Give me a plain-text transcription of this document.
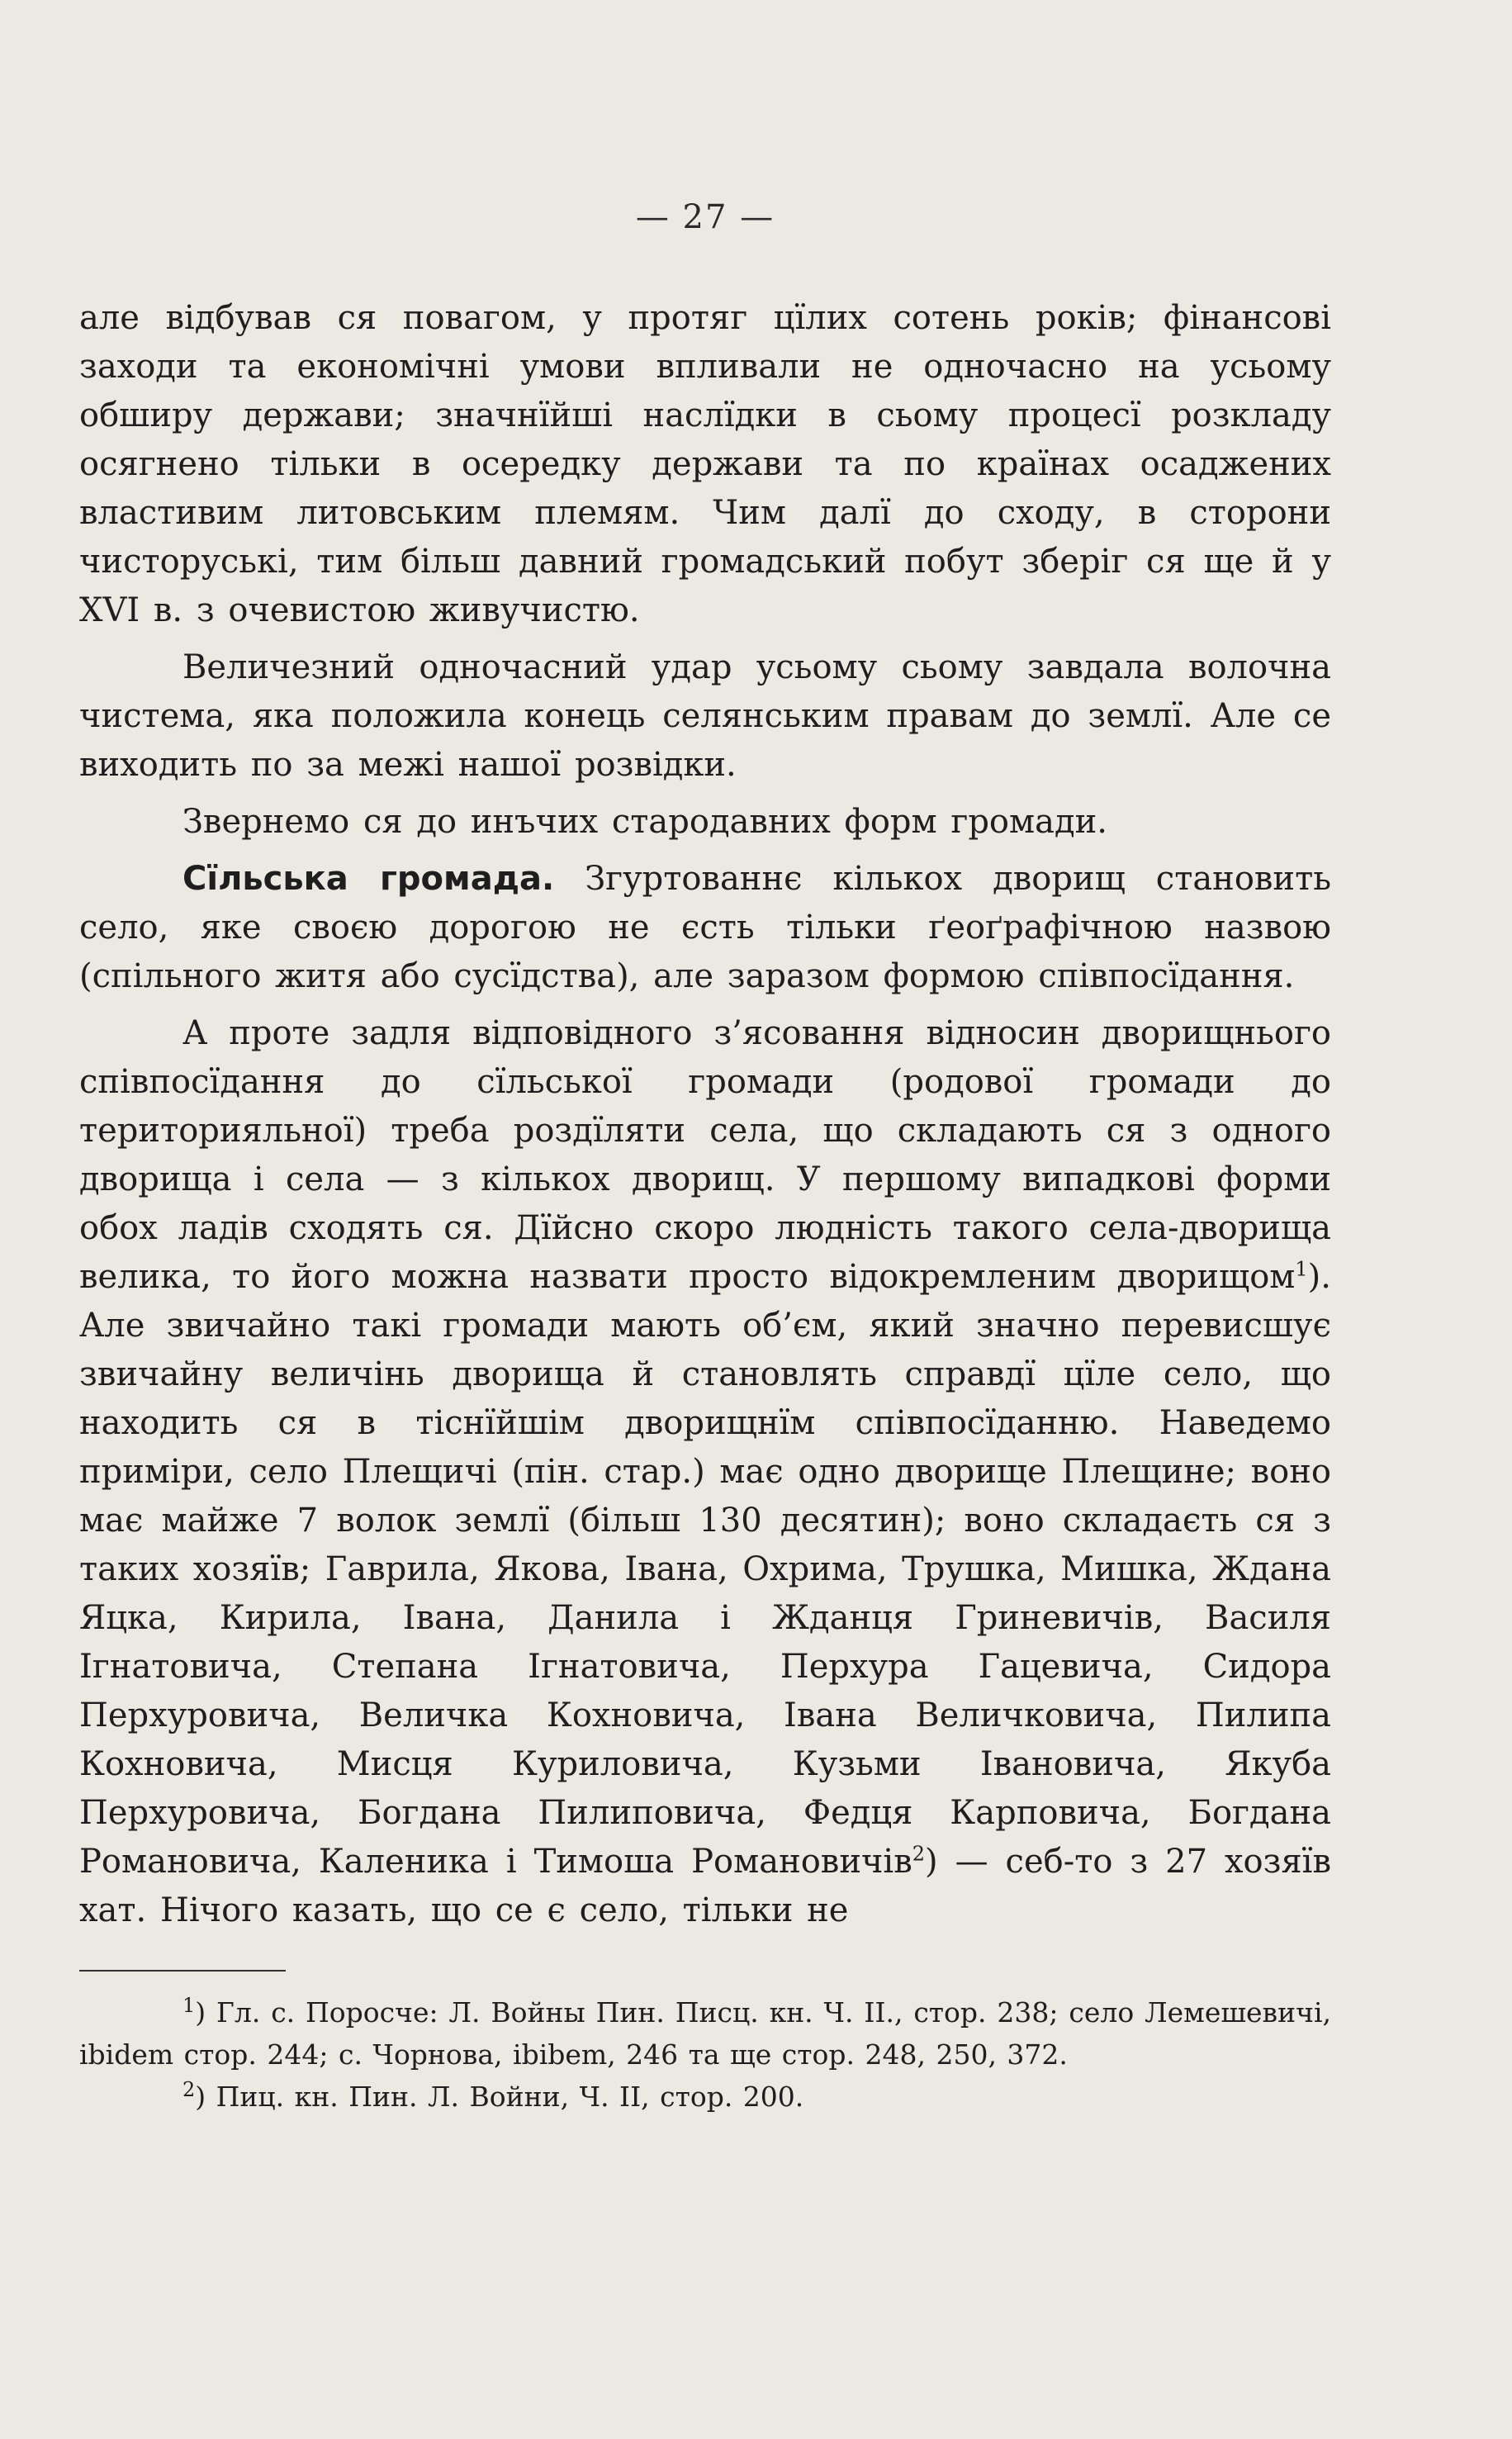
— 27 —

але відбував ся повагом, у протяг цїлих сотень років; фінансові заходи та економічні умови впливали не одночасно на усьому обширу держави; значнїйші наслїдки в сьому процесї розкладу осягнено тільки в осередку держави та по країнах осаджених властивим литовським племям. Чим далї до сходу, в сторони чисторуські, тим більш давний громадський побут зберіг ся ще й у XVI в. з очевистою живучистю.

Величезний одночасний удар усьому сьому завдала волочна чистема, яка положила конець селянським правам до землї. Але се виходить по за межі нашої розвідки.

Звернемо ся до инъчих стародавних форм громади.

Сїльська громада. Згуртованнє кількох дворищ становить село, яке своєю дорогою не єсть тільки ґеоґрафічною назвою (спільного житя або сусїдства), але заразом формою співпосїдання.

А проте задля відповідного з’ясовання відносин дворищнього співпосїдання до сїльської громади (родової громади до територияльної) треба роздїляти села, що складають ся з одного дворища і села — з кількох дворищ. У першому випадкові форми обох ладів сходять ся. Дїйсно скоро людність такого села-дворища велика, то його можна назвати просто відокремленим дворищом$^1$). Але звичайно такі громади мають об’єм, який значно перевисшує звичайну величінь дворища й становлять справдї цїле село, що находить ся в тіснїйшім дворищнїм співпосїданню. Наведемо приміри, село Плещичі (пін. стар.) має одно дворище Плещине; воно має майже 7 волок землї (більш 130 десятин); воно складаєть ся з таких хозяїв; Гаврила, Якова, Івана, Охрима, Трушка, Мишка, Ждана Яцка, Кирила, Івана, Данила і Жданця Гриневичів, Василя Ігнатовича, Степана Ігнатовича, Перхура Гацевича, Сидора Перхуровича, Величка Кохновича, Івана Величковича, Пилипа Кохновича, Мисця Куриловича, Кузьми Івановича, Якуба Перхуровича, Богдана Пилиповича, Федця Карповича, Богдана Романовича, Каленика і Тимоша Романовичів$^2$) — себ-то з 27 хозяїв хат. Нічого казать, що се є село, тільки не

$^1$) Гл. с. Поросче: Л. Войны Пин. Писц. кн. Ч. II., стор. 238; село Лемешевичі, ibidem стор. 244; с. Чорнова, ibibem, 246 та ще стор. 248, 250, 372.

$^2$) Пиц. кн. Пин. Л. Войни, Ч. II, стор. 200.
